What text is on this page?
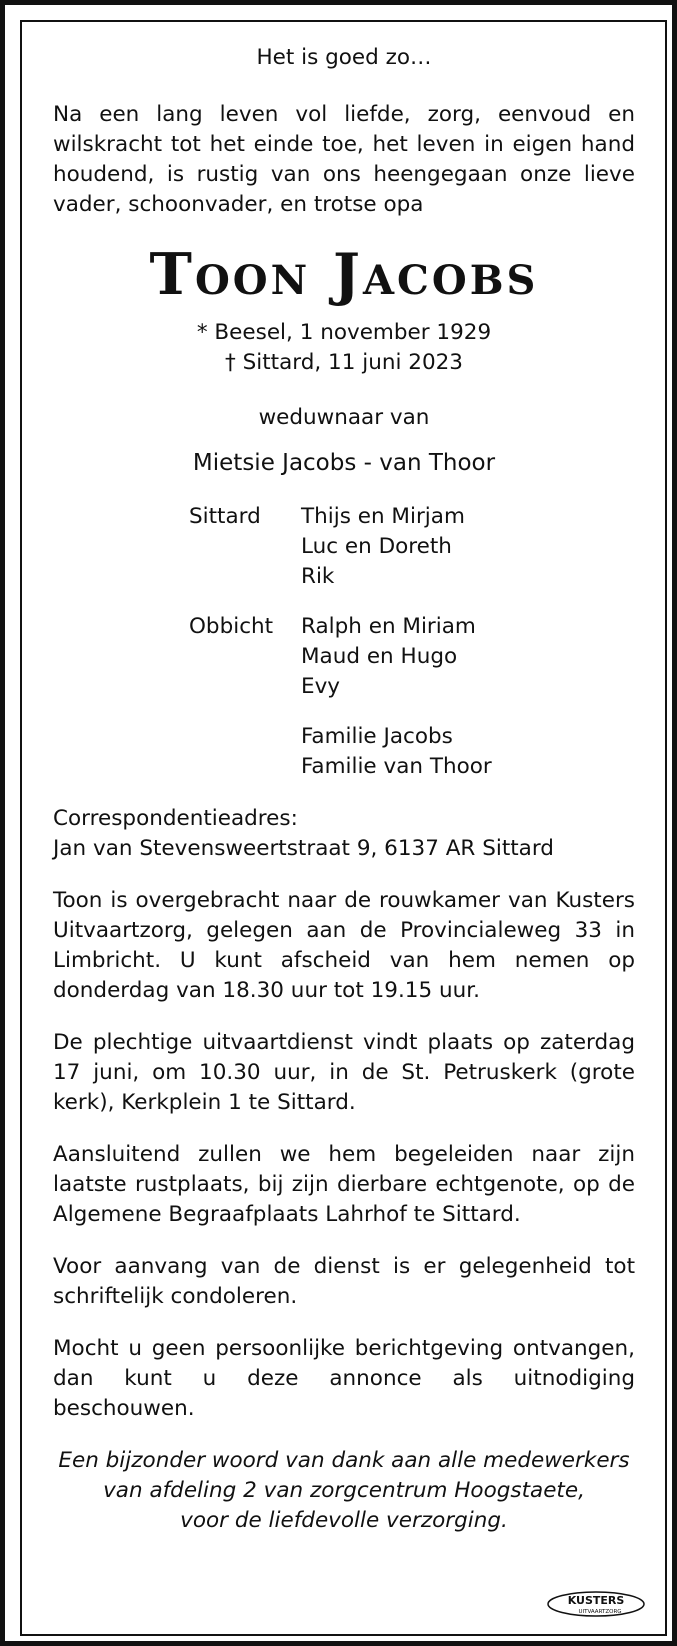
Het is goed zo…

Na een lang leven vol liefde, zorg, eenvoud en wilskracht tot het einde toe, het leven in eigen hand houdend, is rustig van ons heengegaan onze lieve vader, schoonvader, en trotse opa

Toon Jacobs

* Beesel, 1 november 1929

† Sittard, 11 juni 2023

weduwnaar van

Mietsie Jacobs - van Thoor

Sittard	Thijs en Mirjam
Luc en Doreth
Rik
Obbicht	Ralph en Miriam
Maud en Hugo
Evy
Familie Jacobs
Familie van Thoor
Correspondentieadres:
Jan van Stevensweertstraat 9, 6137 AR Sittard

Toon is overgebracht naar de rouwkamer van Kusters Uitvaartzorg, gelegen aan de Provincialeweg 33 in Limbricht. U kunt afscheid van hem nemen op donderdag van 18.30 uur tot 19.15 uur.

De plechtige uitvaartdienst vindt plaats op zaterdag 17 juni, om 10.30 uur, in de St. Petruskerk (grote kerk), Kerkplein 1 te Sittard.

Aansluitend zullen we hem begeleiden naar zijn laatste rustplaats, bij zijn dierbare echtgenote, op de Algemene Begraafplaats Lahrhof te Sittard.

Voor aanvang van de dienst is er gelegenheid tot schriftelijk condoleren.

Mocht u geen persoonlijke berichtgeving ontvangen, dan kunt u deze annonce als uitnodiging beschouwen.

Een bijzonder woord van dank aan alle medewerkers
van afdeling 2 van zorgcentrum Hoogstaete,
voor de liefdevolle verzorging.
KUSTERS
UITVAARTZORG
